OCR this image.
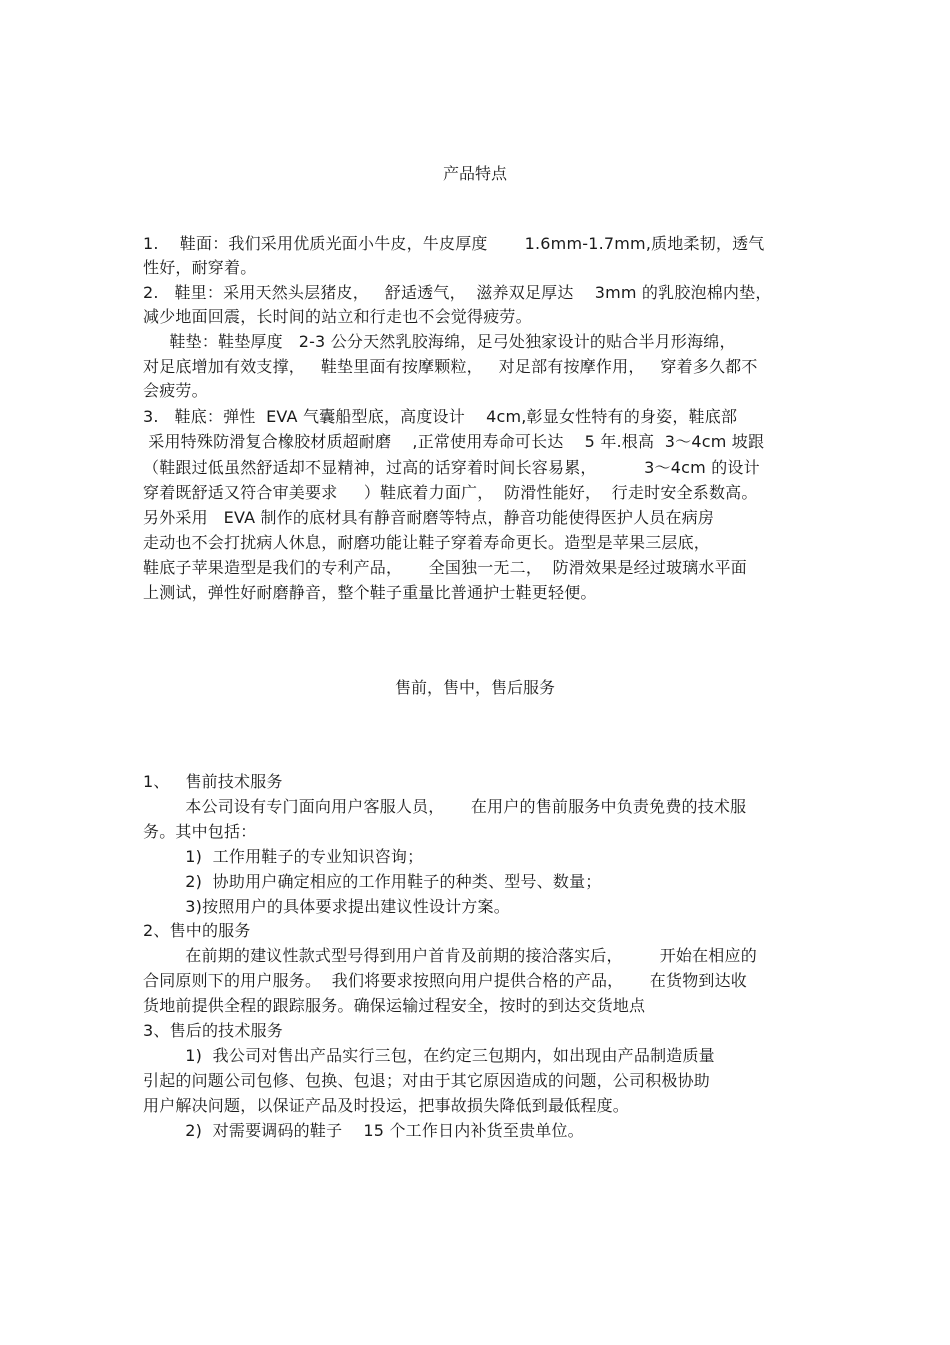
产品特点
1.    鞋面：我们采用优质光面小牛皮，牛皮厚度       1.6mm-1.7mm,质地柔韧，透气
性好，耐穿着。
2.   鞋里：采用天然头层猪皮，   舒适透气，  滋养双足厚达    3mm 的乳胶泡棉内垫，
减少地面回震，长时间的站立和行走也不会觉得疲劳。
鞋垫：鞋垫厚度   2-3 公分天然乳胶海绵，足弓处独家设计的贴合半月形海绵，
对足底增加有效支撑，   鞋垫里面有按摩颗粒，   对足部有按摩作用，   穿着多久都不
会疲劳。
3.   鞋底：弹性  EVA 气囊船型底，高度设计    4cm,彰显女性特有的身姿，鞋底部
采用特殊防滑复合橡胶材质超耐磨    ,正常使用寿命可长达    5 年.根高  3～4cm 坡跟
（鞋跟过低虽然舒适却不显精神，过高的话穿着时间长容易累，         3～4cm 的设计
穿着既舒适又符合审美要求     ）鞋底着力面广，  防滑性能好，  行走时安全系数高。
另外采用   EVA 制作的底材具有静音耐磨等特点，静音功能使得医护人员在病房
走动也不会打扰病人休息，耐磨功能让鞋子穿着寿命更长。造型是苹果三层底，
鞋底子苹果造型是我们的专利产品，     全国独一无二，  防滑效果是经过玻璃水平面
上测试，弹性好耐磨静音，整个鞋子重量比普通护士鞋更轻便。
售前，售中，售后服务
1、   售前技术服务
本公司设有专门面向用户客服人员，     在用户的售前服务中负责免费的技术服
务。其中包括：
1)  工作用鞋子的专业知识咨询；
2)  协助用户确定相应的工作用鞋子的种类、型号、数量；
3)按照用户的具体要求提出建议性设计方案。
2、售中的服务
在前期的建议性款式型号得到用户首肯及前期的接洽落实后，       开始在相应的
合同原则下的用户服务。  我们将要求按照向用户提供合格的产品，     在货物到达收
货地前提供全程的跟踪服务。确保运输过程安全，按时的到达交货地点
3、售后的技术服务
1)  我公司对售出产品实行三包，在约定三包期内，如出现由产品制造质量
引起的问题公司包修、包换、包退；对由于其它原因造成的问题，公司积极协助
用户解决问题，以保证产品及时投运，把事故损失降低到最低程度。
2)  对需要调码的鞋子    15 个工作日内补货至贵单位。
